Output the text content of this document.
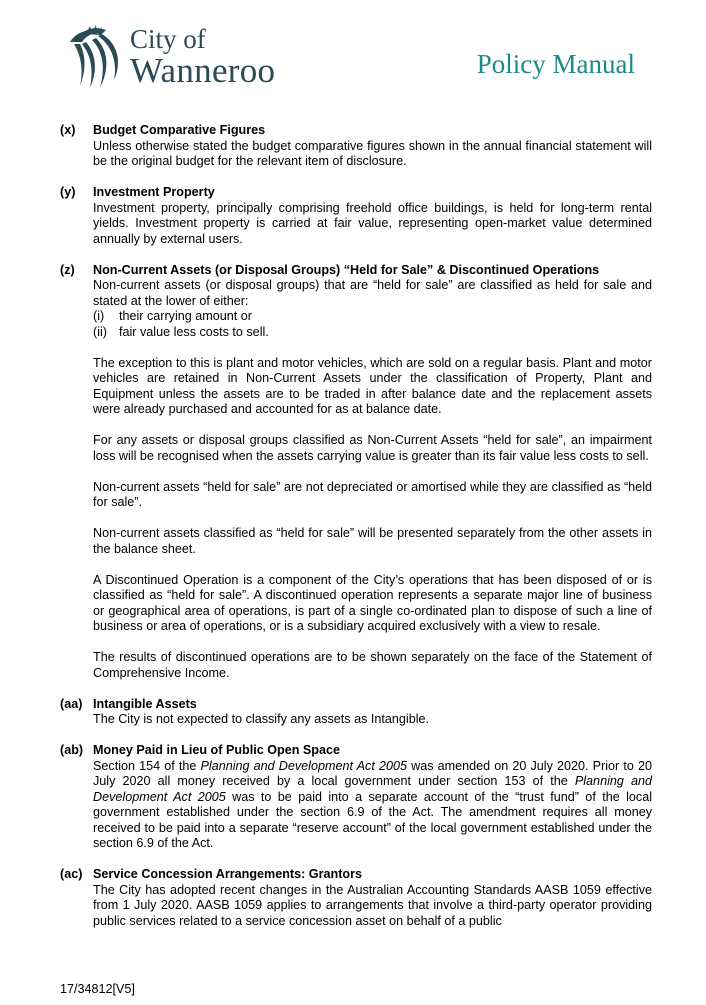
City of
Wanneroo	Policy Manual
(x)	Budget Comparative Figures

Unless otherwise stated the budget comparative figures shown in the annual financial statement will be the original budget for the relevant item of disclosure.

(y)	Investment Property

Investment property, principally comprising freehold office buildings, is held for long-term rental yields. Investment property is carried at fair value, representing open-market value determined annually by external users.

(z)	Non-Current Assets (or Disposal Groups) “Held for Sale” & Discontinued Operations

Non-current assets (or disposal groups) that are “held for sale” are classified as held for sale and stated at the lower of either:

(i)	their carrying amount or
(ii) fair value less costs to sell.

The exception to this is plant and motor vehicles, which are sold on a regular basis. Plant and motor vehicles are retained in Non-Current Assets under the classification of Property, Plant and Equipment unless the assets are to be traded in after balance date and the replacement assets were already purchased and accounted for as at balance date.

For any assets or disposal groups classified as Non-Current Assets “held for sale”, an impairment loss will be recognised when the assets carrying value is greater than its fair value less costs to sell.

Non-current assets “held for sale” are not depreciated or amortised while they are classified as “held for sale”.

Non-current assets classified as “held for sale” will be presented separately from the other assets in the balance sheet.

A Discontinued Operation is a component of the City’s operations that has been disposed of or is classified as “held for sale”. A discontinued operation represents a separate major line of business or geographical area of operations, is part of a single co-ordinated plan to dispose of such a line of business or area of operations, or is a subsidiary acquired exclusively with a view to resale.

The results of discontinued operations are to be shown separately on the face of the Statement of Comprehensive Income.

(aa) Intangible Assets

The City is not expected to classify any assets as Intangible.

(ab) Money Paid in Lieu of Public Open Space

Section 154 of the Planning and Development Act 2005 was amended on 20 July 2020. Prior to 20 July 2020 all money received by a local government under section 153 of the Planning and Development Act 2005 was to be paid into a separate account of the “trust fund” of the local government established under the section 6.9 of the Act. The amendment requires all money received to be paid into a separate “reserve account” of the local government established under the section 6.9 of the Act.

(ac) Service Concession Arrangements: Grantors

The City has adopted recent changes in the Australian Accounting Standards AASB 1059 effective from 1 July 2020. AASB 1059 applies to arrangements that involve a third-party operator providing public services related to a service concession asset on behalf of a public

17/34812[V5]
